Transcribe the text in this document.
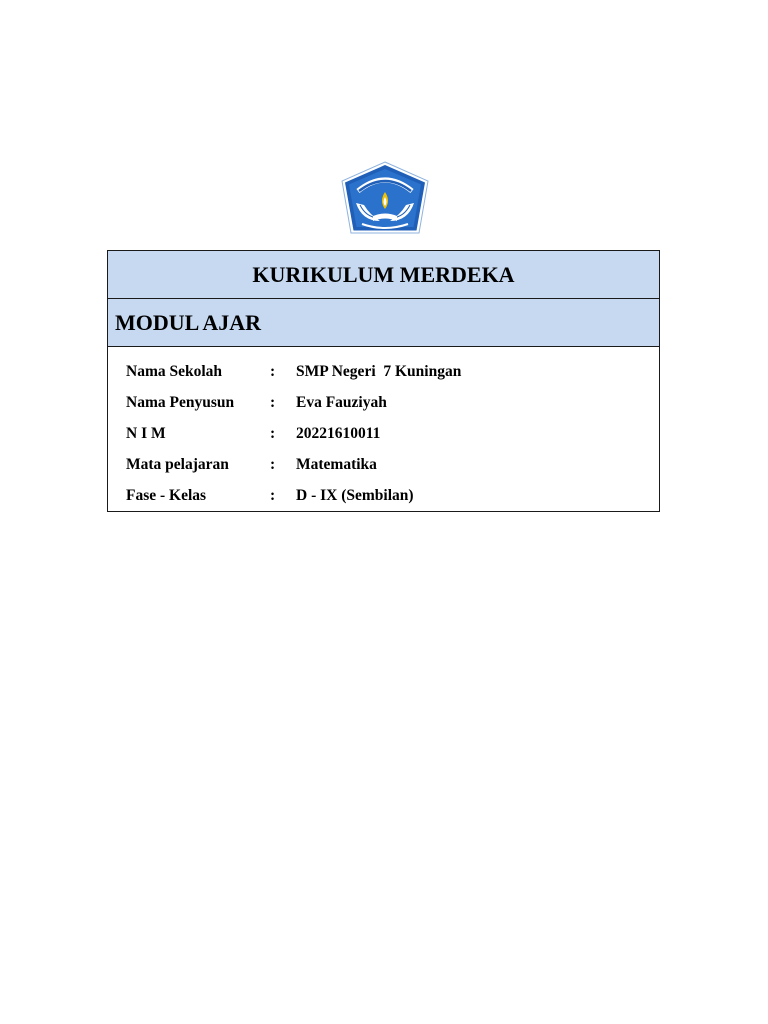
KURIKULUM MERDEKA
MODUL AJAR
Nama Sekolah	:	SMP Negeri  7 Kuningan
Nama Penyusun	:	Eva Fauziyah
N I M	:	20221610011
Mata pelajaran	:	Matematika
Fase - Kelas	:	D - IX (Sembilan)
